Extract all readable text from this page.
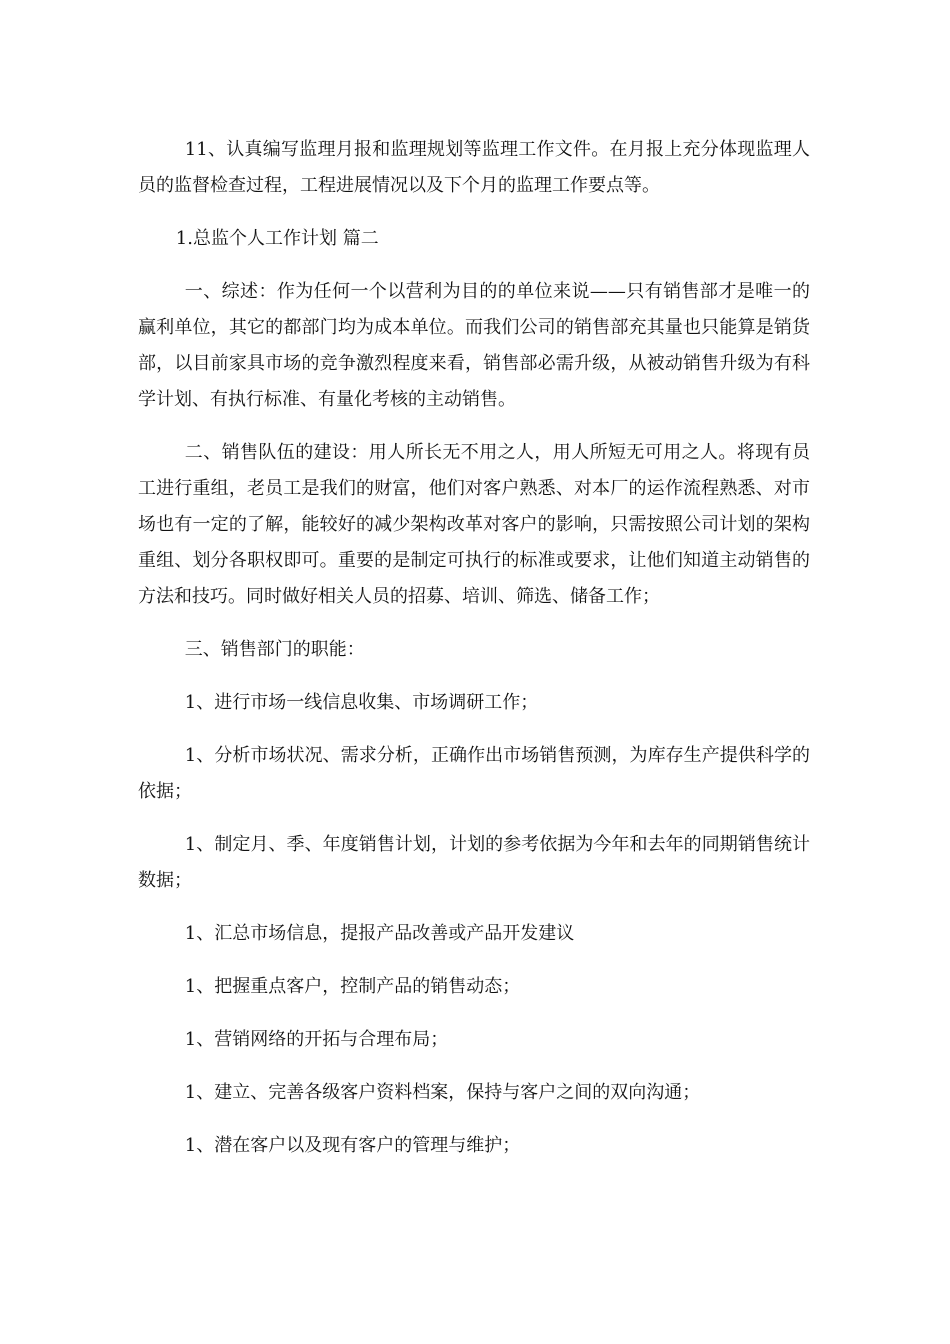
11、认真编写监理月报和监理规划等监理工作文件。在月报上充分体现监理人员的监督检查过程，工程进展情况以及下个月的监理工作要点等。

1.总监个人工作计划 篇二

一、综述：作为任何一个以营利为目的的单位来说——只有销售部才是唯一的赢利单位，其它的都部门均为成本单位。而我们公司的销售部充其量也只能算是销货部，以目前家具市场的竞争激烈程度来看，销售部必需升级，从被动销售升级为有科学计划、有执行标准、有量化考核的主动销售。

二、销售队伍的建设：用人所长无不用之人，用人所短无可用之人。将现有员工进行重组，老员工是我们的财富，他们对客户熟悉、对本厂的运作流程熟悉、对市场也有一定的了解，能较好的减少架构改革对客户的影响，只需按照公司计划的架构重组、划分各职权即可。重要的是制定可执行的标准或要求，让他们知道主动销售的方法和技巧。同时做好相关人员的招募、培训、筛选、储备工作；

三、销售部门的职能：

1、进行市场一线信息收集、市场调研工作；

1、分析市场状况、需求分析，正确作出市场销售预测，为库存生产提供科学的依据；

1、制定月、季、年度销售计划，计划的参考依据为今年和去年的同期销售统计数据；

1、汇总市场信息，提报产品改善或产品开发建议

1、把握重点客户，控制产品的销售动态；

1、营销网络的开拓与合理布局；

1、建立、完善各级客户资料档案，保持与客户之间的双向沟通；

1、潜在客户以及现有客户的管理与维护；
